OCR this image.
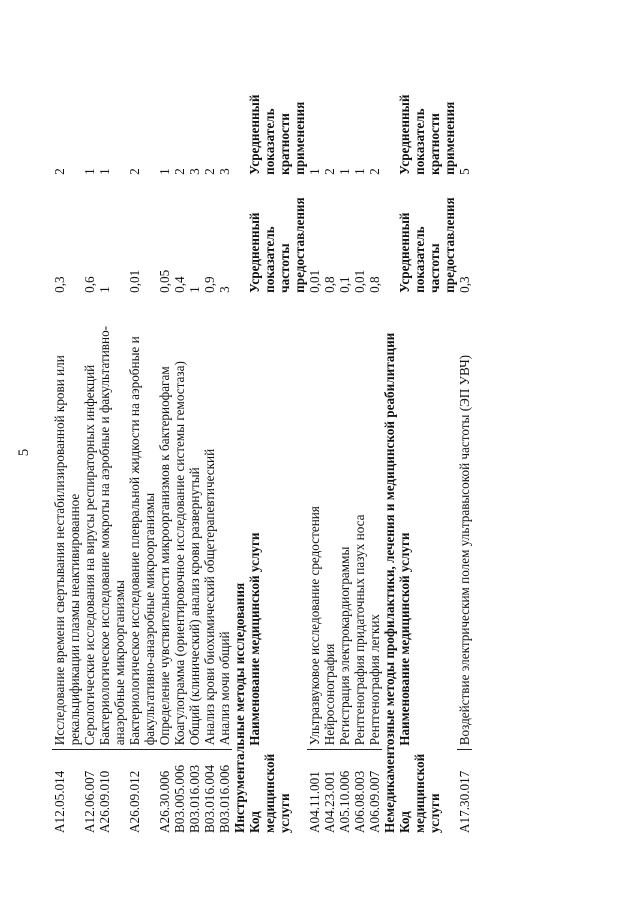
5
A12.05.014	Исследование времени свертывания нестабилизированной крови или рекальцификации плазмы неактивированное	0,3	2
A12.06.007	Серологические исследования на вирусы респираторных инфекций	0,6	1
A26.09.010	Бактериологическое исследование мокроты на аэробные и факультативно-анаэробные микроорганизмы	1	1
A26.09.012	Бактериологическое исследование плевральной жидкости на аэробные и факультативно-анаэробные микроорганизмы	0,01	2
A26.30.006	Определение чувствительности микроорганизмов к бактериофагам	0,05	1
B03.005.006	Коагулограмма (ориентировочное исследование системы гемостаза)	0,4	2
B03.016.003	Общий (клинический) анализ крови развернутый	1	3
B03.016.004	Анализ крови биохимический общетерапевтический	0,9	2
B03.016.006	Анализ мочи общий	3	3
Инструментальные методы исследования			
Код медицинской услуги	Наименование медицинской услуги	Усредненный показатель частоты предоставления	Усредненный показатель кратности применения
A04.11.001	Ультразвуковое исследование средостения	0,01	1
A04.23.001	Нейросонография	0,8	2
A05.10.006	Регистрация электрокардиограммы	0,1	1
A06.08.003	Рентгенография придаточных пазух носа	0,01	1
A06.09.007	Рентгенография легких	0,8	2
Немедикаментозные методы профилактики, лечения и медицинской реабилитации			
Код медицинской услуги	Наименование медицинской услуги	Усредненный показатель частоты предоставления	Усредненный показатель кратности применения
A17.30.017	Воздействие электрическим полем ультравысокой частоты (ЭП УВЧ)	0,3	5
